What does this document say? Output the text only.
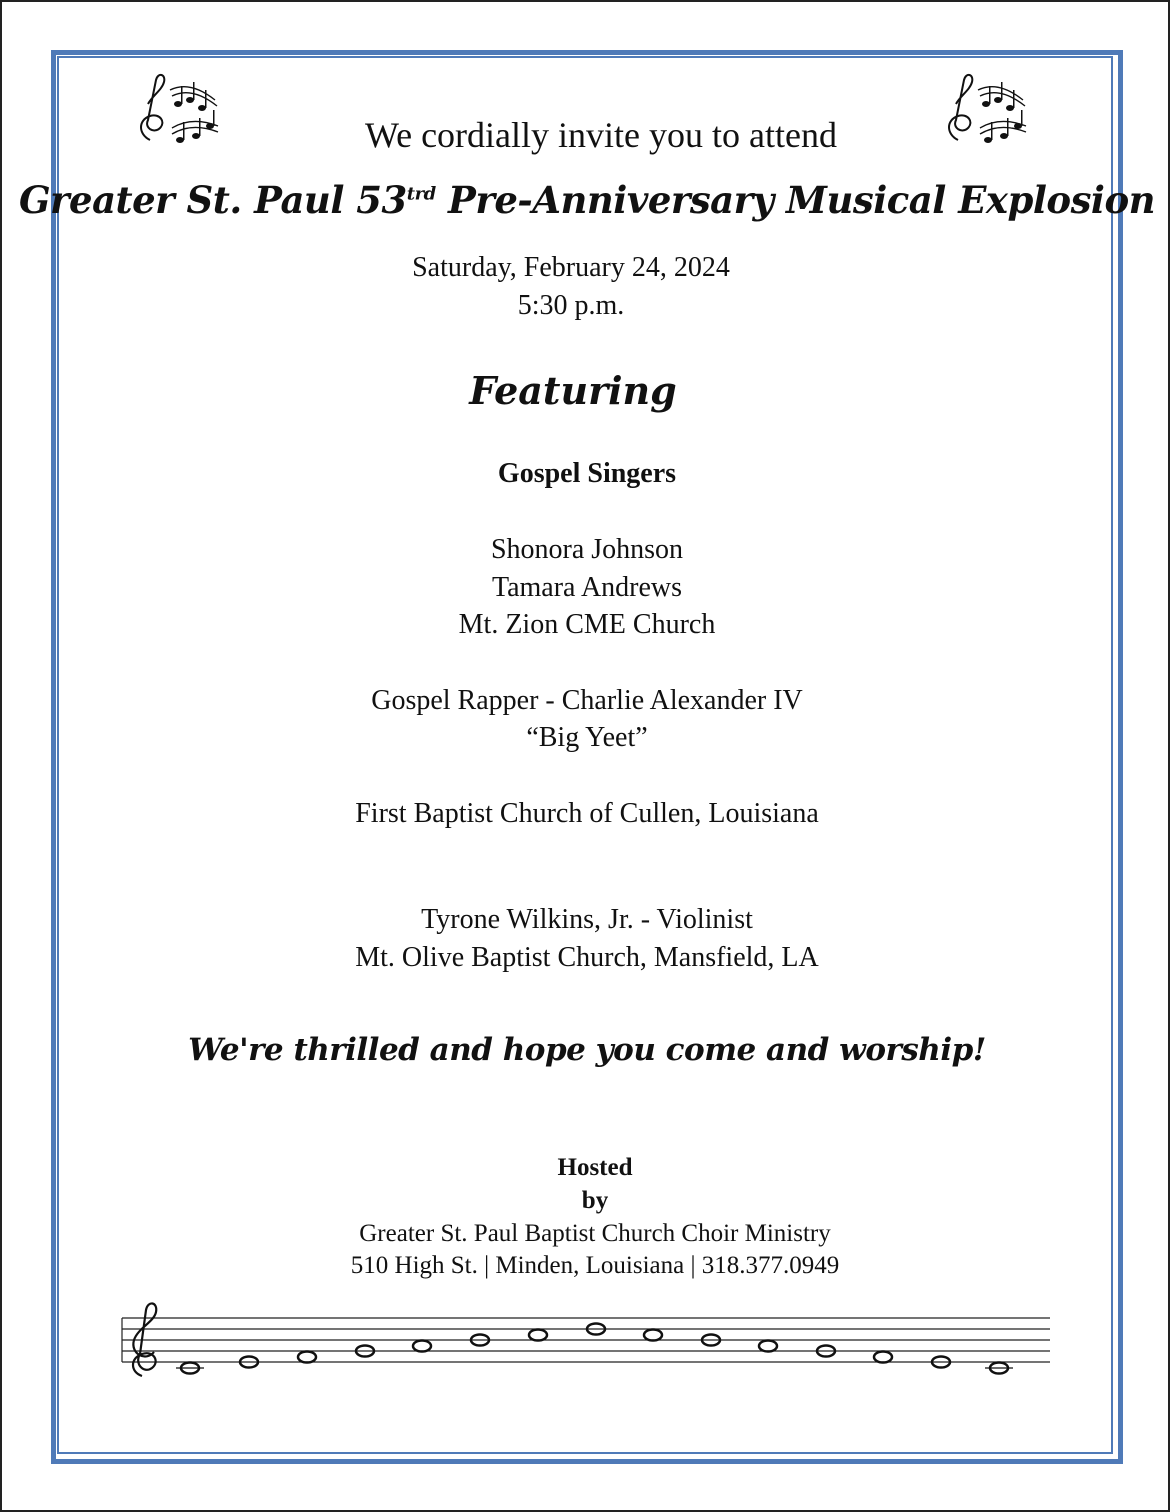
We cordially invite you to attend
Greater St. Paul $53^{trd}$ Pre-Anniversary Musical Explosion
Saturday, February 24, 2024
5:30 p.m.
Featuring
Gospel Singers
Shonora Johnson
Tamara Andrews
Mt. Zion CME Church
Gospel Rapper - Charlie Alexander IV
“Big Yeet”
First Baptist Church of Cullen, Louisiana
Tyrone Wilkins, Jr. - Violinist
Mt. Olive Baptist Church, Mansfield, LA
We're thrilled and hope you come and worship!
Hosted
by
Greater St. Paul Baptist Church Choir Ministry
510 High St. | Minden, Louisiana | 318.377.0949
